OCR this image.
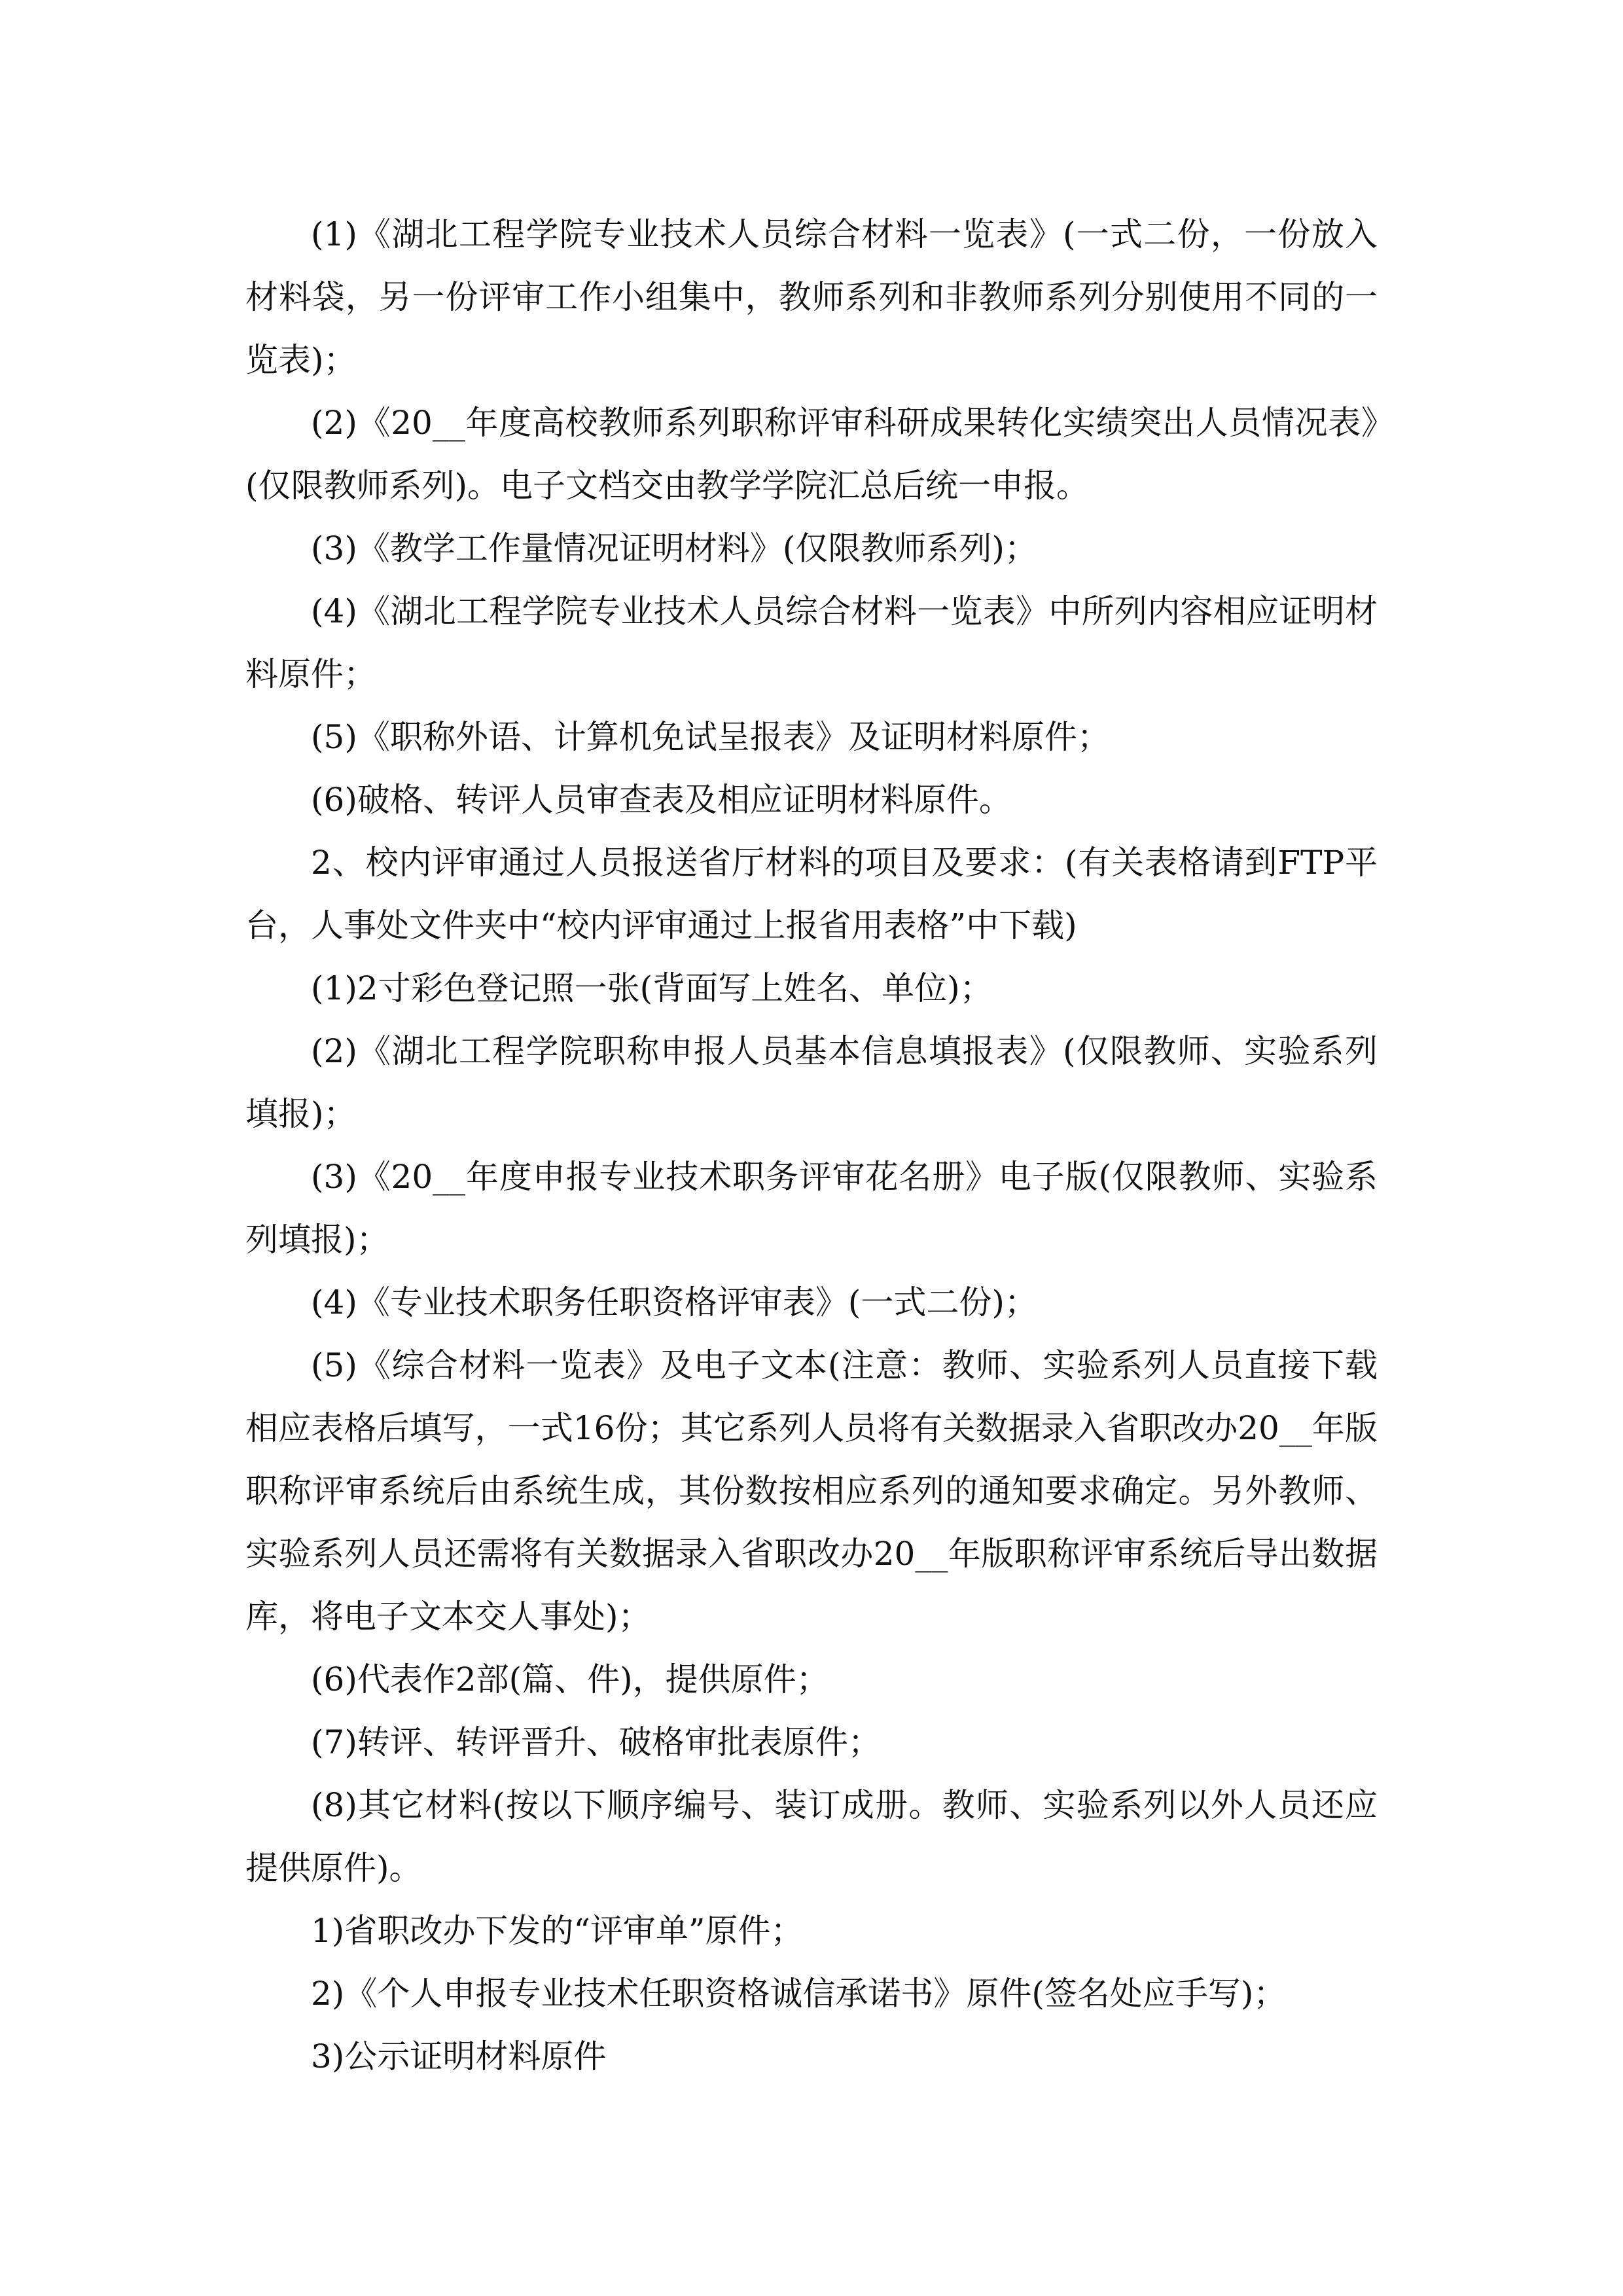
(1)《湖北工程学院专业技术人员综合材料一览表》(一式二份，一份放入材料袋，另一份评审工作小组集中，教师系列和非教师系列分别使用不同的一览表)；

(2)《20__年度高校教师系列职称评审科研成果转化实绩突出人员情况表》(仅限教师系列)。电子文档交由教学学院汇总后统一申报。

(3)《教学工作量情况证明材料》(仅限教师系列)；

(4)《湖北工程学院专业技术人员综合材料一览表》中所列内容相应证明材料原件；

(5)《职称外语、计算机免试呈报表》及证明材料原件；

(6)破格、转评人员审查表及相应证明材料原件。

2、校内评审通过人员报送省厅材料的项目及要求：(有关表格请到FTP平台，人事处文件夹中“校内评审通过上报省用表格”中下载)

(1)2寸彩色登记照一张(背面写上姓名、单位)；

(2)《湖北工程学院职称申报人员基本信息填报表》(仅限教师、实验系列填报)；

(3)《20__年度申报专业技术职务评审花名册》电子版(仅限教师、实验系列填报)；

(4)《专业技术职务任职资格评审表》(一式二份)；

(5)《综合材料一览表》及电子文本(注意：教师、实验系列人员直接下载相应表格后填写，一式16份；其它系列人员将有关数据录入省职改办20__年版职称评审系统后由系统生成，其份数按相应系列的通知要求确定。另外教师、实验系列人员还需将有关数据录入省职改办20__年版职称评审系统后导出数据库，将电子文本交人事处)；

(6)代表作2部(篇、件)，提供原件；

(7)转评、转评晋升、破格审批表原件；

(8)其它材料(按以下顺序编号、装订成册。教师、实验系列以外人员还应提供原件)。

1)省职改办下发的“评审单”原件；

2)《个人申报专业技术任职资格诚信承诺书》原件(签名处应手写)；

3)公示证明材料原件
